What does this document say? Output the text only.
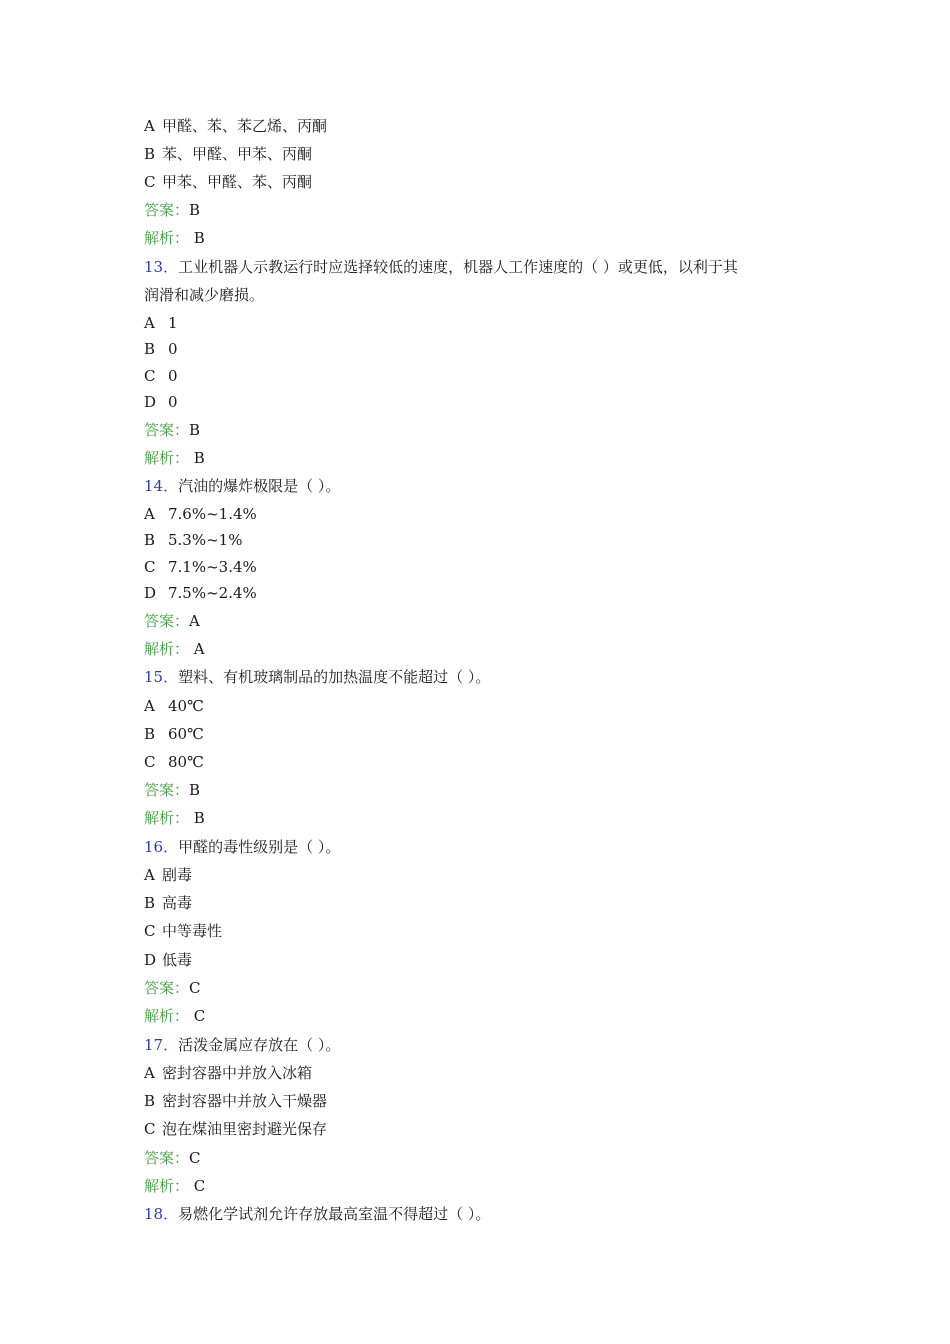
A 甲醛、苯、苯乙烯、丙酮
B 苯、甲醛、甲苯、丙酮
C 甲苯、甲醛、苯、丙酮
答案：B
解析： B
13．工业机器人示教运行时应选择较低的速度，机器人工作速度的（ ）或更低，以利于其
润滑和减少磨损。
A 1
B 0
C 0
D 0
答案：B
解析： B
14．汽油的爆炸极限是（ ）。
A 7.6%~1.4%
B 5.3%~1%
C 7.1%~3.4%
D 7.5%~2.4%
答案：A
解析： A
15．塑料、有机玻璃制品的加热温度不能超过（ ）。
A 40℃
B 60℃
C 80℃
答案：B
解析： B
16．甲醛的毒性级别是（ ）。
A 剧毒
B 高毒
C 中等毒性
D 低毒
答案：C
解析： C
17．活泼金属应存放在（ ）。
A 密封容器中并放入冰箱
B 密封容器中并放入干燥器
C 泡在煤油里密封避光保存
答案：C
解析： C
18．易燃化学试剂允许存放最高室温不得超过（ ）。
